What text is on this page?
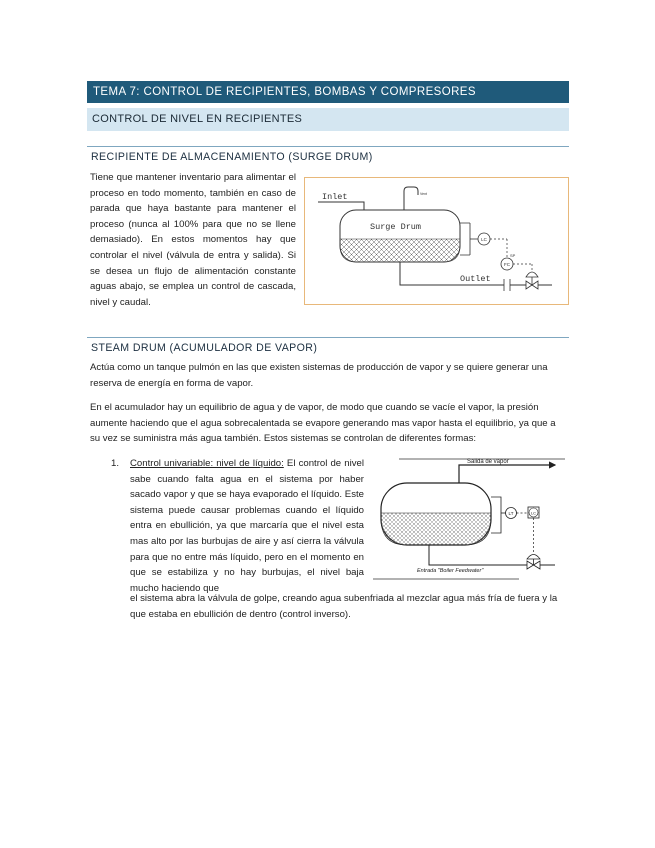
TEMA 7: CONTROL DE RECIPIENTES, BOMBAS Y COMPRESORES
CONTROL DE NIVEL EN RECIPIENTES
RECIPIENTE DE ALMACENAMIENTO (SURGE DRUM)
Tiene que mantener inventario para alimentar el proceso en todo momento, también en caso de parada que haya bastante para mantener el proceso (nunca al 100% para que no se llene demasiado). En estos momentos hay que controlar el nivel (válvula de entra y salida). Si se desea un flujo de alimentación constante aguas abajo, se emplea un control de cascada, nivel y caudal.
Inlet	Vent
Surge Drum
LC
FC
SP
Outlet
STEAM DRUM (ACUMULADOR DE VAPOR)
Actúa como un tanque pulmón en las que existen sistemas de producción de vapor y se quiere generar una reserva de energía en forma de vapor.
En el acumulador hay un equilibrio de agua y de vapor, de modo que cuando se vacíe el vapor, la presión aumente haciendo que el agua sobrecalentada se evapore generando mas vapor hasta el equilibrio, ya que a su vez se suministra más agua también. Estos sistemas se controlan de diferentes formas:
1. Control univariable: nivel de líquido: El control de nivel sabe cuando falta agua en el sistema por haber sacado vapor y que se haya evaporado el líquido. Este sistema puede causar problemas cuando el líquido entra en ebullición, ya que marcaría que el nivel esta mas alto por las burbujas de aire y así cierra la válvula para que no entre más líquido, pero en el momento en que se estabiliza y no hay burbujas, el nivel baja mucho haciendo que
el sistema abra la válvula de golpe, creando agua subenfriada al mezclar agua más fría de fuera y la que estaba en ebullición de dentro (control inverso).
Salida de vapor
LT	LC
Entrada "Boiler Feedwater"
